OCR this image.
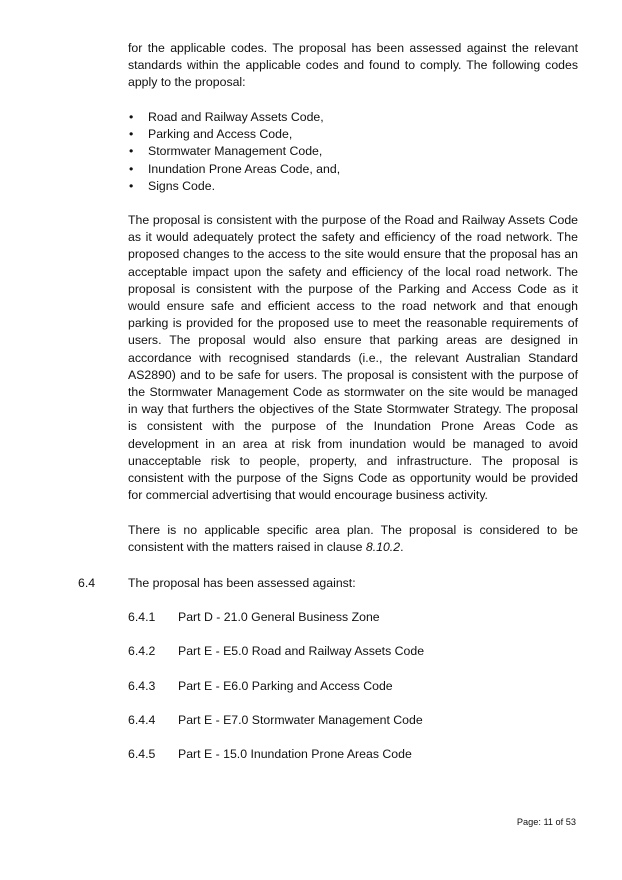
for the applicable codes. The proposal has been assessed against the relevant standards within the applicable codes and found to comply. The following codes apply to the proposal:

• Road and Railway Assets Code,
• Parking and Access Code,
• Stormwater Management Code,
• Inundation Prone Areas Code, and,
• Signs Code.

The proposal is consistent with the purpose of the Road and Railway Assets Code as it would adequately protect the safety and efficiency of the road network. The proposed changes to the access to the site would ensure that the proposal has an acceptable impact upon the safety and efficiency of the local road network. The proposal is consistent with the purpose of the Parking and Access Code as it would ensure safe and efficient access to the road network and that enough parking is provided for the proposed use to meet the reasonable requirements of users. The proposal would also ensure that parking areas are designed in accordance with recognised standards (i.e., the relevant Australian Standard AS2890) and to be safe for users. The proposal is consistent with the purpose of the Stormwater Management Code as stormwater on the site would be managed in way that furthers the objectives of the State Stormwater Strategy. The proposal is consistent with the purpose of the Inundation Prone Areas Code as development in an area at risk from inundation would be managed to avoid unacceptable risk to people, property, and infrastructure. The proposal is consistent with the purpose of the Signs Code as opportunity would be provided for commercial advertising that would encourage business activity.

There is no applicable specific area plan. The proposal is considered to be consistent with the matters raised in clause 8.10.2.

6.4	The proposal has been assessed against:
6.4.1 Part D - 21.0 General Business Zone
6.4.2 Part E - E5.0 Road and Railway Assets Code
6.4.3 Part E - E6.0 Parking and Access Code
6.4.4 Part E - E7.0 Stormwater Management Code
6.4.5 Part E - 15.0 Inundation Prone Areas Code
Page: 11 of 53
